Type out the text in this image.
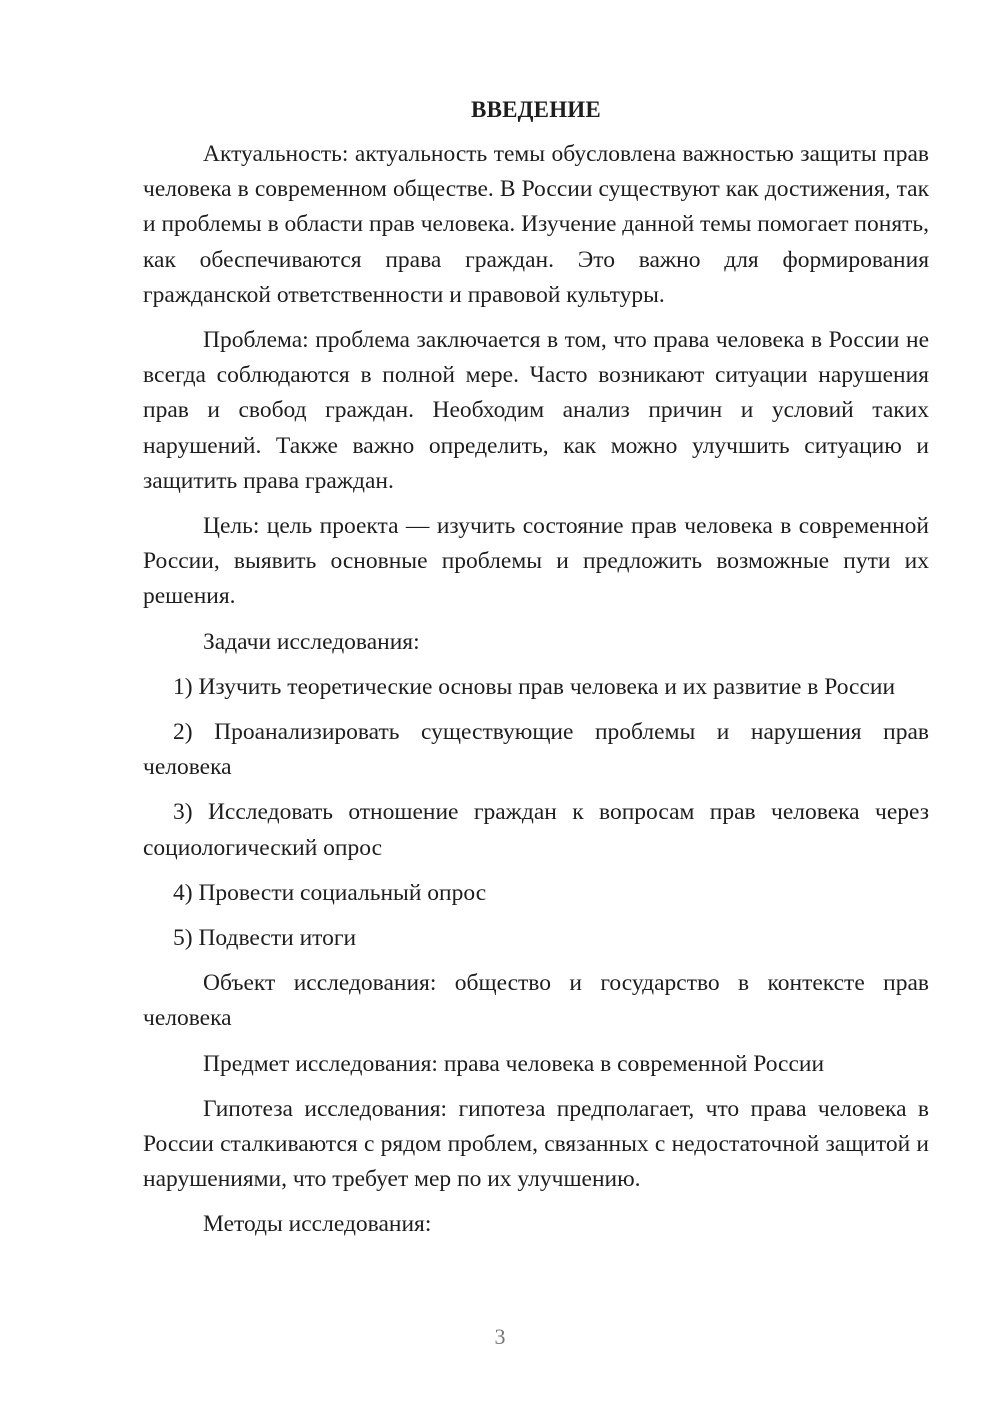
ВВЕДЕНИЕ

Актуальность: актуальность темы обусловлена важностью защиты прав человека в современном обществе. В России существуют как достижения, так и проблемы в области прав человека. Изучение данной темы помогает понять, как обеспечиваются права граждан. Это важно для формирования гражданской ответственности и правовой культуры.

Проблема: проблема заключается в том, что права человека в России не всегда соблюдаются в полной мере. Часто возникают ситуации нарушения прав и свобод граждан. Необходим анализ причин и условий таких нарушений. Также важно определить, как можно улучшить ситуацию и защитить права граждан.

Цель: цель проекта — изучить состояние прав человека в современной России, выявить основные проблемы и предложить возможные пути их решения.

Задачи исследования:

1) Изучить теоретические основы прав человека и их развитие в России

2) Проанализировать существующие проблемы и нарушения прав человека

3) Исследовать отношение граждан к вопросам прав человека через социологический опрос

4) Провести социальный опрос

5) Подвести итоги

Объект исследования: общество и государство в контексте прав человека

Предмет исследования: права человека в современной России

Гипотеза исследования: гипотеза предполагает, что права человека в России сталкиваются с рядом проблем, связанных с недостаточной защитой и нарушениями, что требует мер по их улучшению.

Методы исследования:

3
